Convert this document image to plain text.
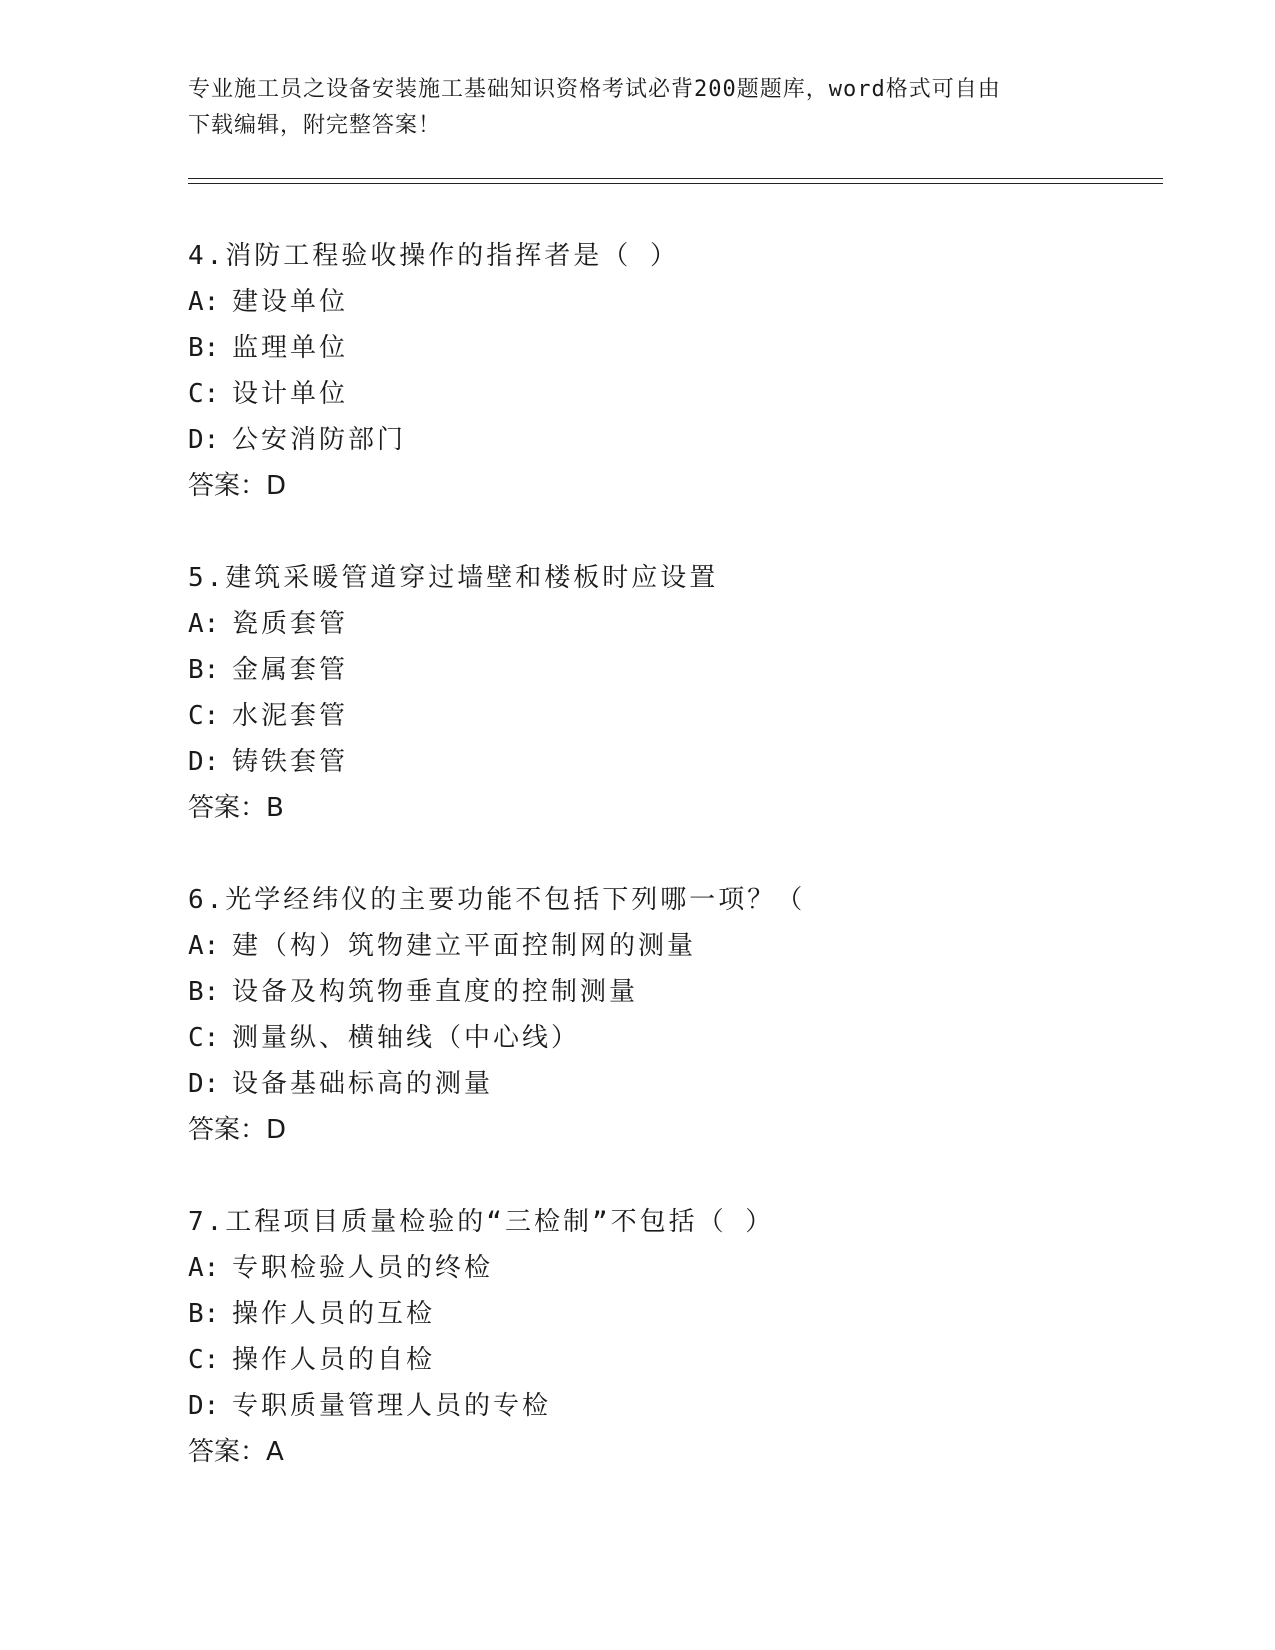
专业施工员之设备安装施工基础知识资格考试必背200题题库，word格式可自由
下载编辑，附完整答案！
4.消防工程验收操作的指挥者是（ ）
A: 建设单位
B: 监理单位
C: 设计单位
D: 公安消防部门
答案：D
5.建筑采暖管道穿过墙壁和楼板时应设置
A: 瓷质套管
B: 金属套管
C: 水泥套管
D: 铸铁套管
答案：B
6.光学经纬仪的主要功能不包括下列哪一项？（
A: 建（构）筑物建立平面控制网的测量
B: 设备及构筑物垂直度的控制测量
C: 测量纵、横轴线（中心线）
D: 设备基础标高的测量
答案：D
7.工程项目质量检验的“三检制”不包括（ ）
A: 专职检验人员的终检
B: 操作人员的互检
C: 操作人员的自检
D: 专职质量管理人员的专检
答案：A
